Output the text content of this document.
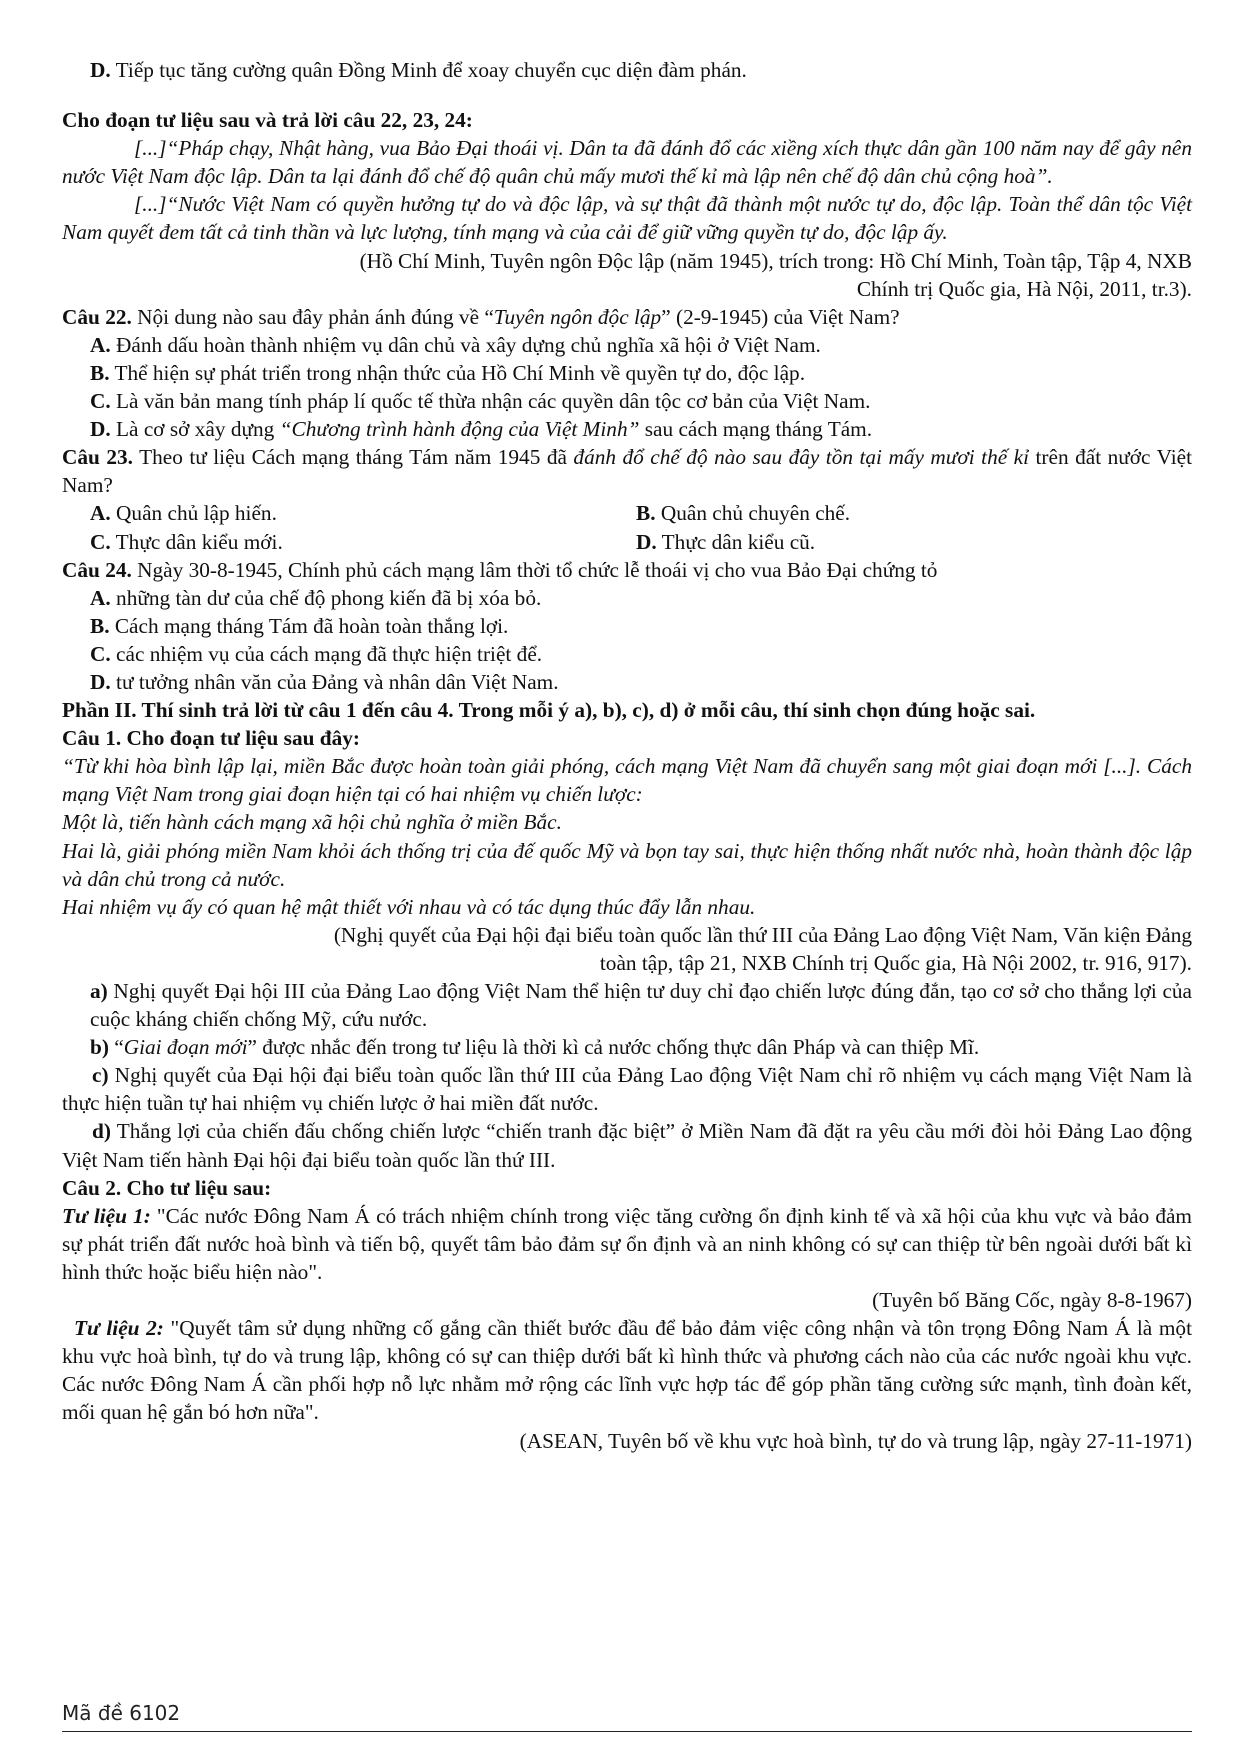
D. Tiếp tục tăng cường quân Đồng Minh để xoay chuyển cục diện đàm phán.

Cho đoạn tư liệu sau và trả lời câu 22, 23, 24:

[...]“Pháp chạy, Nhật hàng, vua Bảo Đại thoái vị. Dân ta đã đánh đổ các xiềng xích thực dân gần 100 năm nay để gây nên nước Việt Nam độc lập. Dân ta lại đánh đổ chế độ quân chủ mấy mươi thế kỉ mà lập nên chế độ dân chủ cộng hoà”.

[...]“Nước Việt Nam có quyền hưởng tự do và độc lập, và sự thật đã thành một nước tự do, độc lập. Toàn thể dân tộc Việt Nam quyết đem tất cả tinh thần và lực lượng, tính mạng và của cải để giữ vững quyền tự do, độc lập ấy.

(Hồ Chí Minh, Tuyên ngôn Độc lập (năm 1945), trích trong: Hồ Chí Minh, Toàn tập, Tập 4, NXB

Chính trị Quốc gia, Hà Nội, 2011, tr.3).

Câu 22. Nội dung nào sau đây phản ánh đúng về “Tuyên ngôn độc lập” (2-9-1945) của Việt Nam?

A. Đánh dấu hoàn thành nhiệm vụ dân chủ và xây dựng chủ nghĩa xã hội ở Việt Nam.

B. Thể hiện sự phát triển trong nhận thức của Hồ Chí Minh về quyền tự do, độc lập.

C. Là văn bản mang tính pháp lí quốc tế thừa nhận các quyền dân tộc cơ bản của Việt Nam.

D. Là cơ sở xây dựng “Chương trình hành động của Việt Minh” sau cách mạng tháng Tám.

Câu 23. Theo tư liệu Cách mạng tháng Tám năm 1945 đã đánh đổ chế độ nào sau đây tồn tại mấy mươi thế kỉ trên đất nước Việt Nam?

A. Quân chủ lập hiến.	B. Quân chủ chuyên chế.

C. Thực dân kiểu mới.	D. Thực dân kiểu cũ.

Câu 24. Ngày 30-8-1945, Chính phủ cách mạng lâm thời tổ chức lễ thoái vị cho vua Bảo Đại chứng tỏ

A. những tàn dư của chế độ phong kiến đã bị xóa bỏ.

B. Cách mạng tháng Tám đã hoàn toàn thắng lợi.

C. các nhiệm vụ của cách mạng đã thực hiện triệt để.

D. tư tưởng nhân văn của Đảng và nhân dân Việt Nam.

Phần II. Thí sinh trả lời từ câu 1 đến câu 4. Trong mỗi ý a), b), c), d) ở mỗi câu, thí sinh chọn đúng hoặc sai.

Câu 1. Cho đoạn tư liệu sau đây:

“Từ khi hòa bình lập lại, miền Bắc được hoàn toàn giải phóng, cách mạng Việt Nam đã chuyển sang một giai đoạn mới [...]. Cách mạng Việt Nam trong giai đoạn hiện tại có hai nhiệm vụ chiến lược:

Một là, tiến hành cách mạng xã hội chủ nghĩa ở miền Bắc.

Hai là, giải phóng miền Nam khỏi ách thống trị của đế quốc Mỹ và bọn tay sai, thực hiện thống nhất nước nhà, hoàn thành độc lập và dân chủ trong cả nước.

Hai nhiệm vụ ấy có quan hệ mật thiết với nhau và có tác dụng thúc đẩy lẫn nhau.

(Nghị quyết của Đại hội đại biểu toàn quốc lần thứ III của Đảng Lao động Việt Nam, Văn kiện Đảng

toàn tập, tập 21, NXB Chính trị Quốc gia, Hà Nội 2002, tr. 916, 917).

a) Nghị quyết Đại hội III của Đảng Lao động Việt Nam thể hiện tư duy chỉ đạo chiến lược đúng đắn, tạo cơ sở cho thắng lợi của cuộc kháng chiến chống Mỹ, cứu nước.

b) “Giai đoạn mới” được nhắc đến trong tư liệu là thời kì cả nước chống thực dân Pháp và can thiệp Mĩ.

c) Nghị quyết của Đại hội đại biểu toàn quốc lần thứ III của Đảng Lao động Việt Nam chỉ rõ nhiệm vụ cách mạng Việt Nam là thực hiện tuần tự hai nhiệm vụ chiến lược ở hai miền đất nước.

d) Thắng lợi của chiến đấu chống chiến lược “chiến tranh đặc biệt” ở Miền Nam đã đặt ra yêu cầu mới đòi hỏi Đảng Lao động Việt Nam tiến hành Đại hội đại biểu toàn quốc lần thứ III.

Câu 2. Cho tư liệu sau:

Tư liệu 1: "Các nước Đông Nam Á có trách nhiệm chính trong việc tăng cường ổn định kinh tế và xã hội của khu vực và bảo đảm sự phát triển đất nước hoà bình và tiến bộ, quyết tâm bảo đảm sự ổn định và an ninh không có sự can thiệp từ bên ngoài dưới bất kì hình thức hoặc biểu hiện nào".

(Tuyên bố Băng Cốc, ngày 8-8-1967)

Tư liệu 2: "Quyết tâm sử dụng những cố gắng cần thiết bước đầu để bảo đảm việc công nhận và tôn trọng Đông Nam Á là một khu vực hoà bình, tự do và trung lập, không có sự can thiệp dưới bất kì hình thức và phương cách nào của các nước ngoài khu vực. Các nước Đông Nam Á cần phối hợp nỗ lực nhằm mở rộng các lĩnh vực hợp tác để góp phần tăng cường sức mạnh, tình đoàn kết, mối quan hệ gắn bó hơn nữa".

(ASEAN, Tuyên bố về khu vực hoà bình, tự do và trung lập, ngày 27-11-1971)

Mã đề 6102
